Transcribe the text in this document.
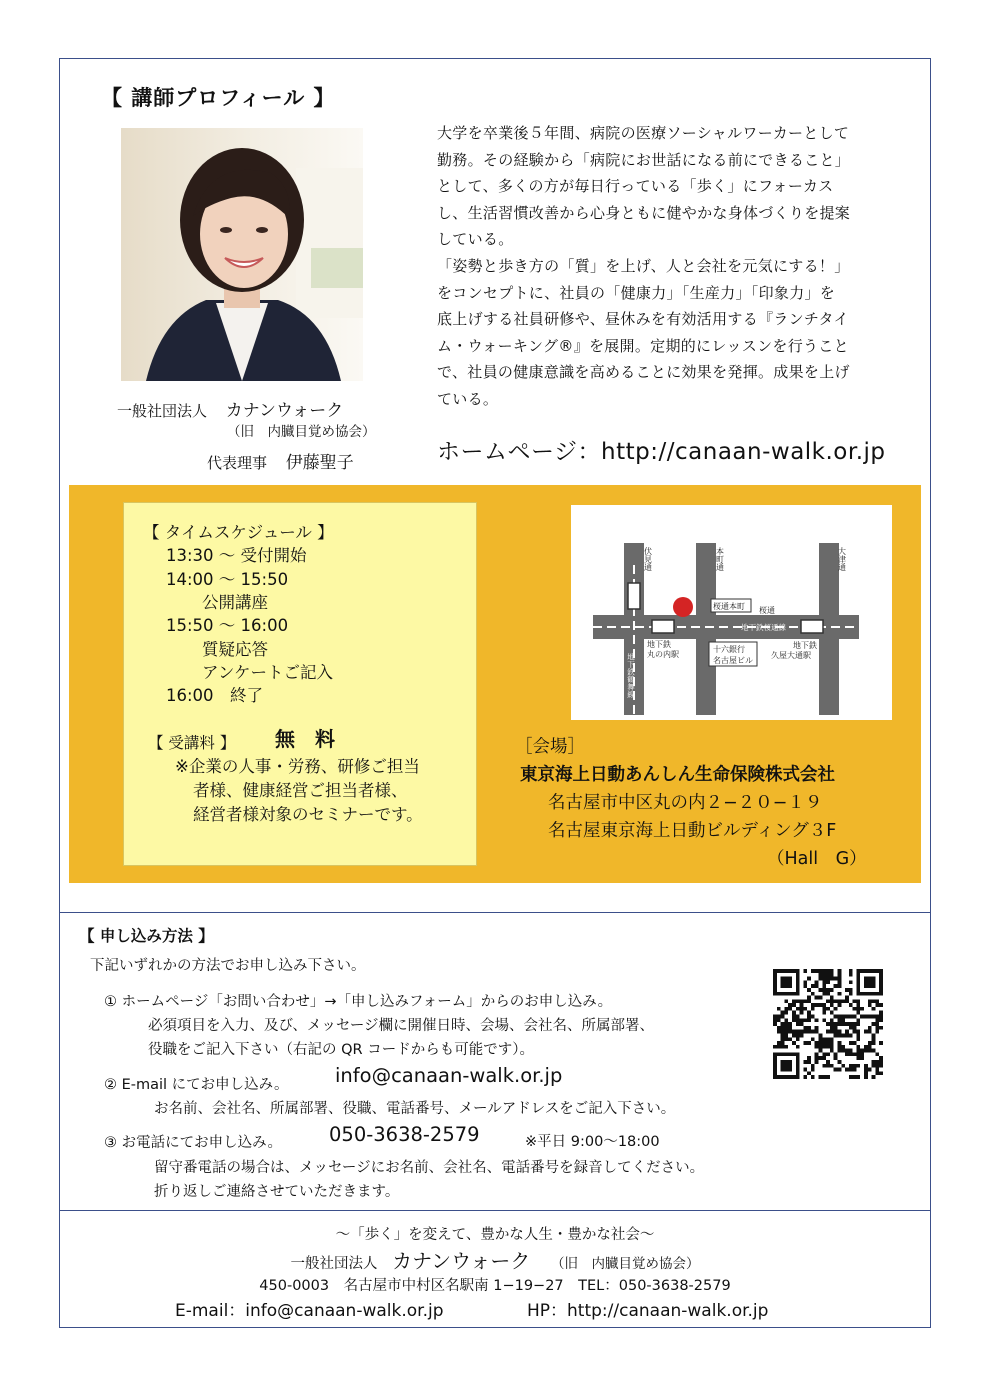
【 講師プロフィール 】
一般社団法人 カナンウォーク
（旧　内臓目覚め協会）
代表理事 伊藤聖子

大学を卒業後５年間、病院の医療ソーシャルワーカーとして

勤務。その経験から「病院にお世話になる前にできること」

として、多くの方が毎日行っている「歩く」にフォーカス

し、生活習慣改善から心身ともに健やかな身体づくりを提案

している。

「姿勢と歩き方の「質」を上げ、人と会社を元気にする！」

をコンセプトに、社員の「健康力」「生産力」「印象力」を

底上げする社員研修や、昼休みを有効活用する『ランチタイ

ム・ウォーキング®』を展開。定期的にレッスンを行うこと

で、社員の健康意識を高めることに効果を発揮。成果を上げ

ている。

ホームページ：http://canaan-walk.or.jp
【 タイムスケジュール 】
13:30 ～ 受付開始
14:00 ～ 15:50
公開講座
15:50 ～ 16:00
質疑応答
アンケートご記入
16:00　終了
【 受講料 】 無　料
※企業の人事・労務、研修ご担当
者様、健康経営ご担当者様、
経営者様対象のセミナーです。
伏見通	本町通	大津通
桜通本町 桜通
地下鉄桜通線
地下鉄
丸の内駅
地下鉄鶴舞線
十六銀行
名古屋ビル
地下鉄
久屋大通駅
［会場］
東京海上日動あんしん生命保険株式会社
名古屋市中区丸の内２−２０−１９
名古屋東京海上日動ビルディング３F
（Hall　G）
【 申し込み方法 】
下記いずれかの方法でお申し込み下さい。
① ホームページ「お問い合わせ」→「申し込みフォーム」からのお申し込み。
必須項目を入力、及び、メッセージ欄に開催日時、会場、会社名、所属部署、
役職をご記入下さい（右記の QR コードからも可能です）。
② E-mail にてお申し込み。 info@canaan-walk.or.jp
お名前、会社名、所属部署、役職、電話番号、メールアドレスをご記入下さい。
③ お電話にてお申し込み。 050-3638-2579	※平日 9:00〜18:00
留守番電話の場合は、メッセージにお名前、会社名、電話番号を録音してください。
折り返しご連絡させていただきます。
～「歩く」を変えて、豊かな人生・豊かな社会～
一般社団法人 カナンウォーク （旧　内臓目覚め協会）
450-0003　名古屋市中村区名駅南 1−19−27　TEL：050-3638-2579
E-mail：info@canaan-walk.or.jp	HP：http://canaan-walk.or.jp
